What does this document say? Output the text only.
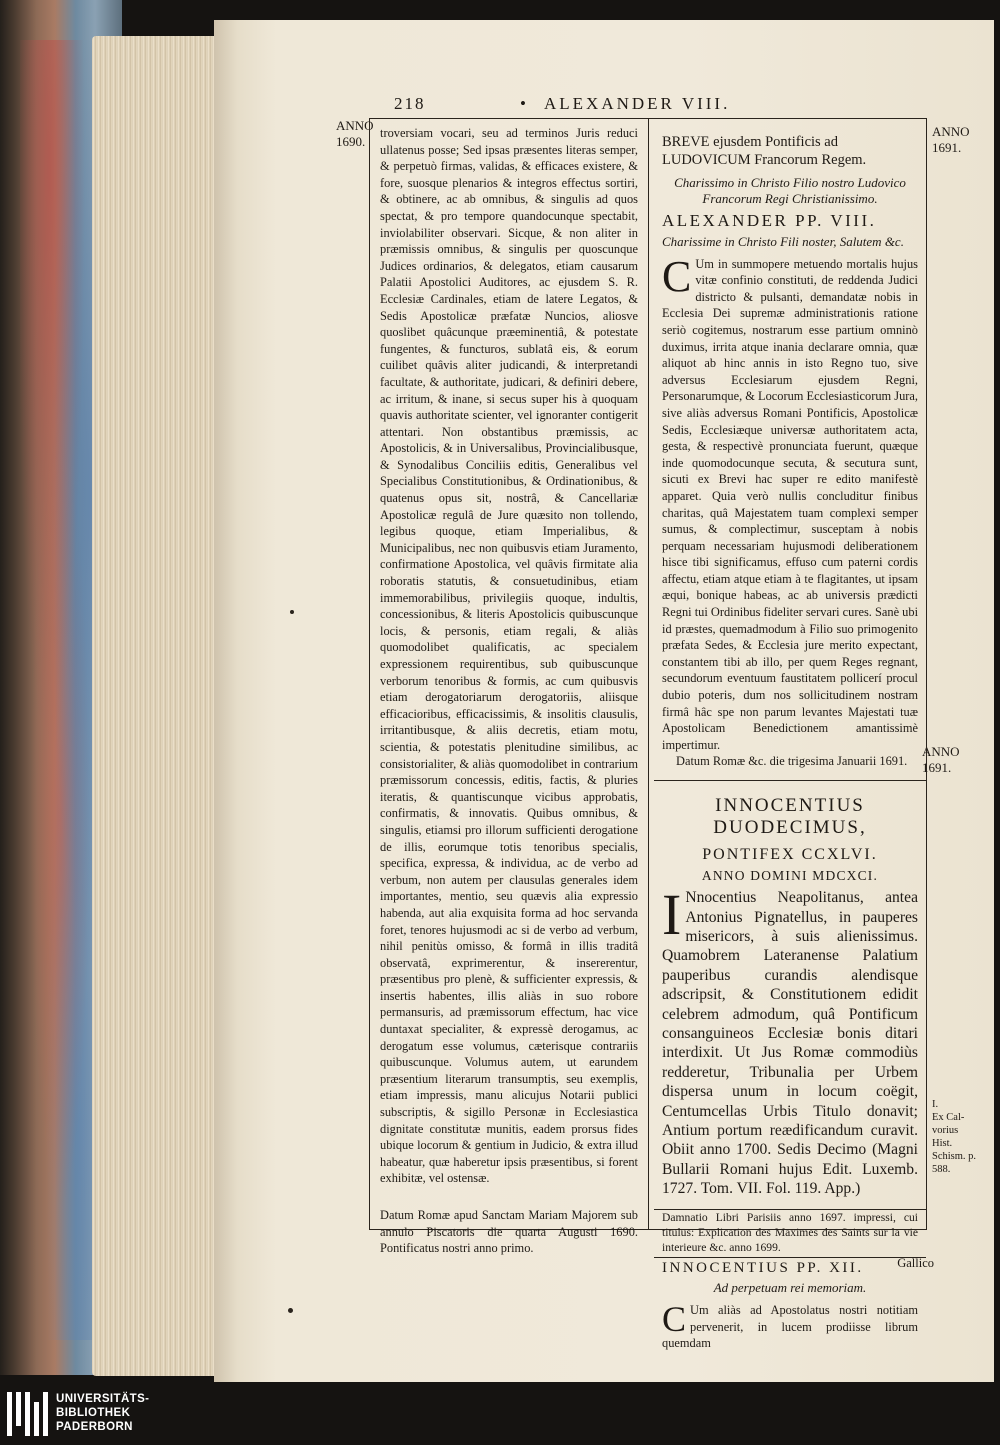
218	• ALEXANDER VIII.
ANNO
1690.
ANNO
1691.
ANNO
1691.
I.
Ex Cal-
vorius
Hist.
Schism. p.
588.

troversiam vocari, seu ad terminos Juris reduci ullatenus posse; Sed ipsas præsentes literas semper, & perpetuò firmas, validas, & efficaces existere, & fore, suosque plenarios & integros effectus sortiri, & obtinere, ac ab omnibus, & singulis ad quos spectat, & pro tempore quandocunque spectabit, inviolabiliter observari. Sicque, & non aliter in præmissis omnibus, & singulis per quoscunque Judices ordinarios, & delegatos, etiam causarum Palatii Apostolici Auditores, ac ejusdem S. R. Ecclesiæ Cardinales, etiam de latere Legatos, & Sedis Apostolicæ præfatæ Nuncios, aliosve quoslibet quâcunque præeminentiâ, & potestate fungentes, & functuros, sublatâ eis, & eorum cuilibet quâvis aliter judicandi, & interpretandi facultate, & authoritate, judicari, & definiri debere, ac irritum, & inane, si secus super his à quoquam quavis authoritate scienter, vel ignoranter contigerit attentari. Non obstantibus præmissis, ac Apostolicis, & in Universalibus, Provincialibusque, & Synodalibus Conciliis editis, Generalibus vel Specialibus Constitutionibus, & Ordinationibus, & quatenus opus sit, nostrâ, & Cancellariæ Apostolicæ regulâ de Jure quæsito non tollendo, legibus quoque, etiam Imperialibus, & Municipalibus, nec non quibusvis etiam Juramento, confirmatione Apostolica, vel quâvis firmitate alia roboratis statutis, & consuetudinibus, etiam immemorabilibus, privilegiis quoque, indultis, concessionibus, & literis Apostolicis quibuscunque locis, & personis, etiam regali, & aliàs quomodolibet qualificatis, ac specialem expressionem requirentibus, sub quibuscunque verborum tenoribus & formis, ac cum quibusvis etiam derogatoriarum derogatoriis, aliisque efficacioribus, efficacissimis, & insolitis clausulis, irritantibusque, & aliis decretis, etiam motu, scientia, & potestatis plenitudine similibus, ac consistorialiter, & aliàs quomodolibet in contrarium præmissorum concessis, editis, factis, & pluries iteratis, & quantiscunque vicibus approbatis, confirmatis, & innovatis. Quibus omnibus, & singulis, etiamsi pro illorum sufficienti derogatione de illis, eorumque totis tenoribus specialis, specifica, expressa, & individua, ac de verbo ad verbum, non autem per clausulas generales idem importantes, mentio, seu quævis alia expressio habenda, aut alia exquisita forma ad hoc servanda foret, tenores hujusmodi ac si de verbo ad verbum, nihil penitùs omisso, & formâ in illis traditâ observatâ, exprimerentur, & insererentur, præsentibus pro plenè, & sufficienter expressis, & insertis habentes, illis aliàs in suo robore permansuris, ad præmissorum effectum, hac vice duntaxat specialiter, & expressè derogamus, ac derogatum esse volumus, cæterisque contrariis quibuscunque. Volumus autem, ut earundem præsentium literarum transumptis, seu exemplis, etiam impressis, manu alicujus Notarii publici subscriptis, & sigillo Personæ in Ecclesiastica dignitate constitutæ munitis, eadem prorsus fides ubique locorum & gentium in Judicio, & extra illud habeatur, quæ haberetur ipsis præsentibus, si forent exhibitæ, vel ostensæ.

Datum Romæ apud Sanctam Mariam Majorem sub annulo Piscatoris die quarta Augusti 1690. Pontificatus nostri anno primo.

BREVE ejusdem Pontificis ad LUDOVICUM Francorum Regem.
Charissimo in Christo Filio nostro Ludovico Francorum Regi Christianissimo.
ALEXANDER PP. VIII.
Charissime in Christo Fili noster, Salutem &c.

C Um in summopere metuendo mortalis hujus vitæ confinio constituti, de reddenda Judici districto & pulsanti, demandatæ nobis in Ecclesia Dei supremæ administrationis ratione seriò cogitemus, nostrarum esse partium omninò duximus, irrita atque inania declarare omnia, quæ aliquot ab hinc annis in isto Regno tuo, sive adversus Ecclesiarum ejusdem Regni, Personarumque, & Locorum Ecclesiasticorum Jura, sive aliàs adversus Romani Pontificis, Apostolicæ Sedis, Ecclesiæque universæ authoritatem acta, gesta, & respectivè pronunciata fuerunt, quæque inde quomodocunque secuta, & secutura sunt, sicuti ex Brevi hac super re edito manifestè apparet. Quia verò nullis concluditur finibus charitas, quâ Majestatem tuam complexi semper sumus, & complectimur, susceptam à nobis perquam necessariam hujusmodi deliberationem hisce tibi significamus, effuso cum paterni cordis affectu, etiam atque etiam à te flagitantes, ut ipsam æqui, bonique habeas, ac ab universis prædicti Regni tui Ordinibus fideliter servari cures. Sanè ubi id præstes, quemadmodum à Filio suo primogenito præfata Sedes, & Ecclesia jure merito expectant, constantem tibi ab illo, per quem Reges regnant, secundorum eventuum faustitatem pollicerí procul dubio poteris, dum nos sollicitudinem nostram firmâ hâc spe non parum levantes Majestati tuæ Apostolicam Benedictionem amantissimè impertimur.

Datum Romæ &c. die trigesima Januarii 1691.

INNOCENTIUS DUODECIMUS,
PONTIFEX CCXLVI.
ANNO DOMINI MDCXCI.

I Nnocentius Neapolitanus, antea Antonius Pignatellus, in pauperes misericors, à suis alienissimus. Quamobrem Lateranense Palatium pauperibus curandis alendisque adscripsit, & Constitutionem edidit celebrem admodum, quâ Pontificum consanguineos Ecclesiæ bonis ditari interdixit. Ut Jus Romæ commodiùs redderetur, Tribunalia per Urbem dispersa unum in locum coëgit, Centumcellas Urbis Titulo donavit; Antium portum reædificandum curavit. Obiit anno 1700. Sedis Decimo (Magni Bullarii Romani hujus Edit. Luxemb. 1727. Tom. VII. Fol. 119. App.)

Damnatio Libri Parisiis anno 1697. impressi, cui titulus: Explication des Maximes des Saints sur la vie interieure &c. anno 1699.

INNOCENTIUS PP. XII.
Ad perpetuam rei memoriam.

C Um aliàs ad Apostolatus nostri notitiam pervenerit, in lucem prodiisse librum quemdam

Gallico
UNIVERSITÄTS-
BIBLIOTHEK
PADERBORN
